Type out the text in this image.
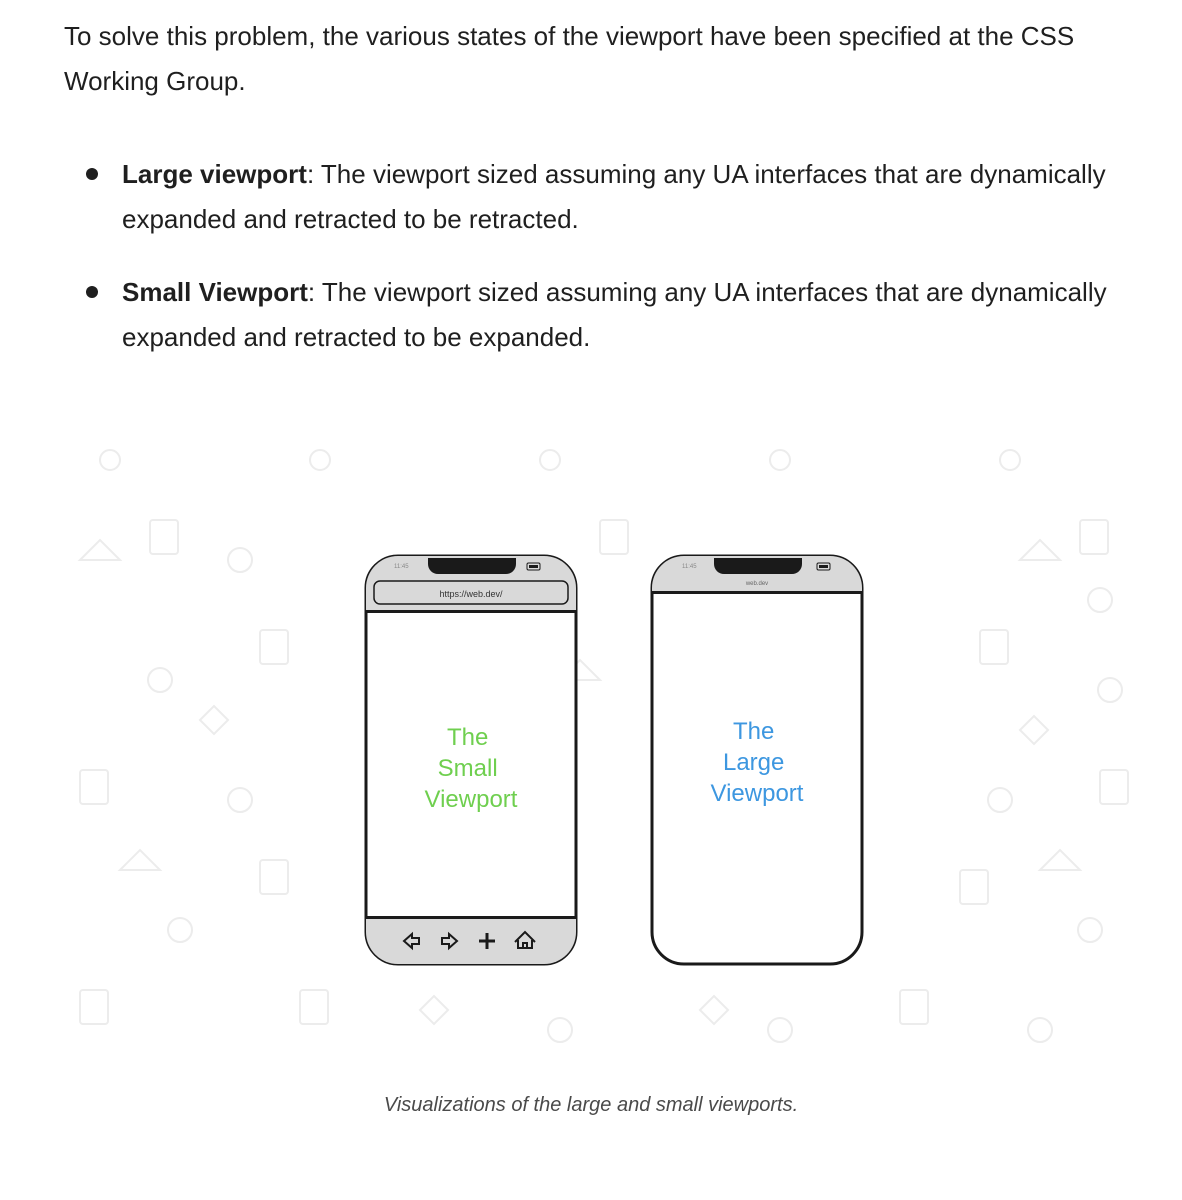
To solve this problem, the various states of the viewport have been specified at the CSS Working Group.

Large viewport: The viewport sized assuming any UA interfaces that are dynamically expanded and retracted to be retracted.
Small Viewport: The viewport sized assuming any UA interfaces that are dynamically expanded and retracted to be expanded.
11:45
https://web.dev/
The Small Viewport
11:45
web.dev
The Large Viewport
Visualizations of the large and small viewports.
